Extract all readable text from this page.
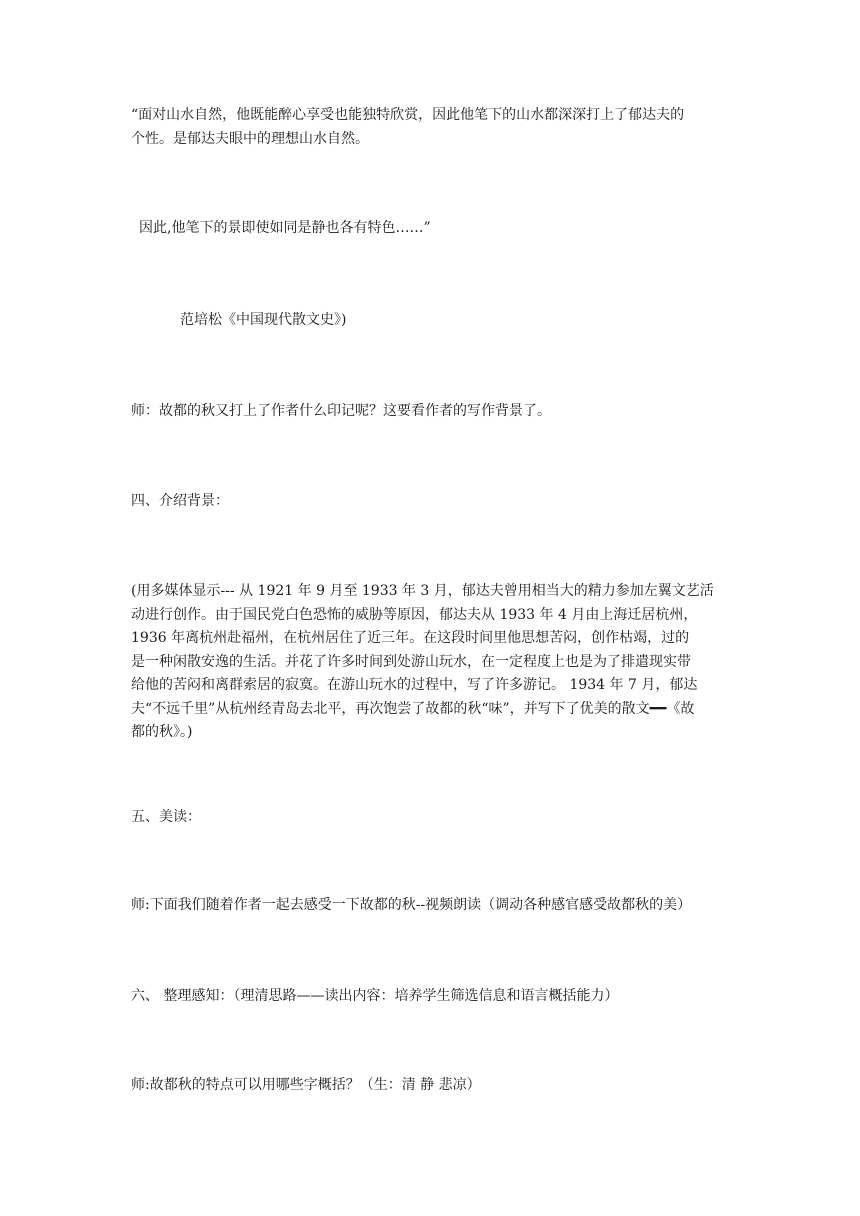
“面对山水自然，他既能醉心享受也能独特欣赏，因此他笔下的山水都深深打上了郁达夫的
个性。是郁达夫眼中的理想山水自然。
因此,他笔下的景即使如同是静也各有特色……”
范培松《中国现代散文史》)
师：故都的秋又打上了作者什么印记呢？这要看作者的写作背景了。
四、介绍背景：
(用多媒体显示--- 从 1921 年 9 月至 1933 年 3 月，郁达夫曾用相当大的精力参加左翼文艺活
动进行创作。由于国民党白色恐怖的威胁等原因，郁达夫从 1933 年 4 月由上海迁居杭州，
1936 年离杭州赴福州，在杭州居住了近三年。在这段时间里他思想苦闷，创作枯竭，过的
是一种闲散安逸的生活。并花了许多时间到处游山玩水，在一定程度上也是为了排遣现实带
给他的苦闷和离群索居的寂寞。在游山玩水的过程中，写了许多游记。 1934 年 7 月，郁达
夫“不远千里”从杭州经青岛去北平，再次饱尝了故都的秋“味”，并写下了优美的散文━━《故
都的秋》。)
五、美读：
师:下面我们随着作者一起去感受一下故都的秋--视频朗读（调动各种感官感受故都秋的美）
六、 整理感知：（理清思路——读出内容：培养学生筛选信息和语言概括能力）
师:故都秋的特点可以用哪些字概括？（生：清 静 悲凉）
